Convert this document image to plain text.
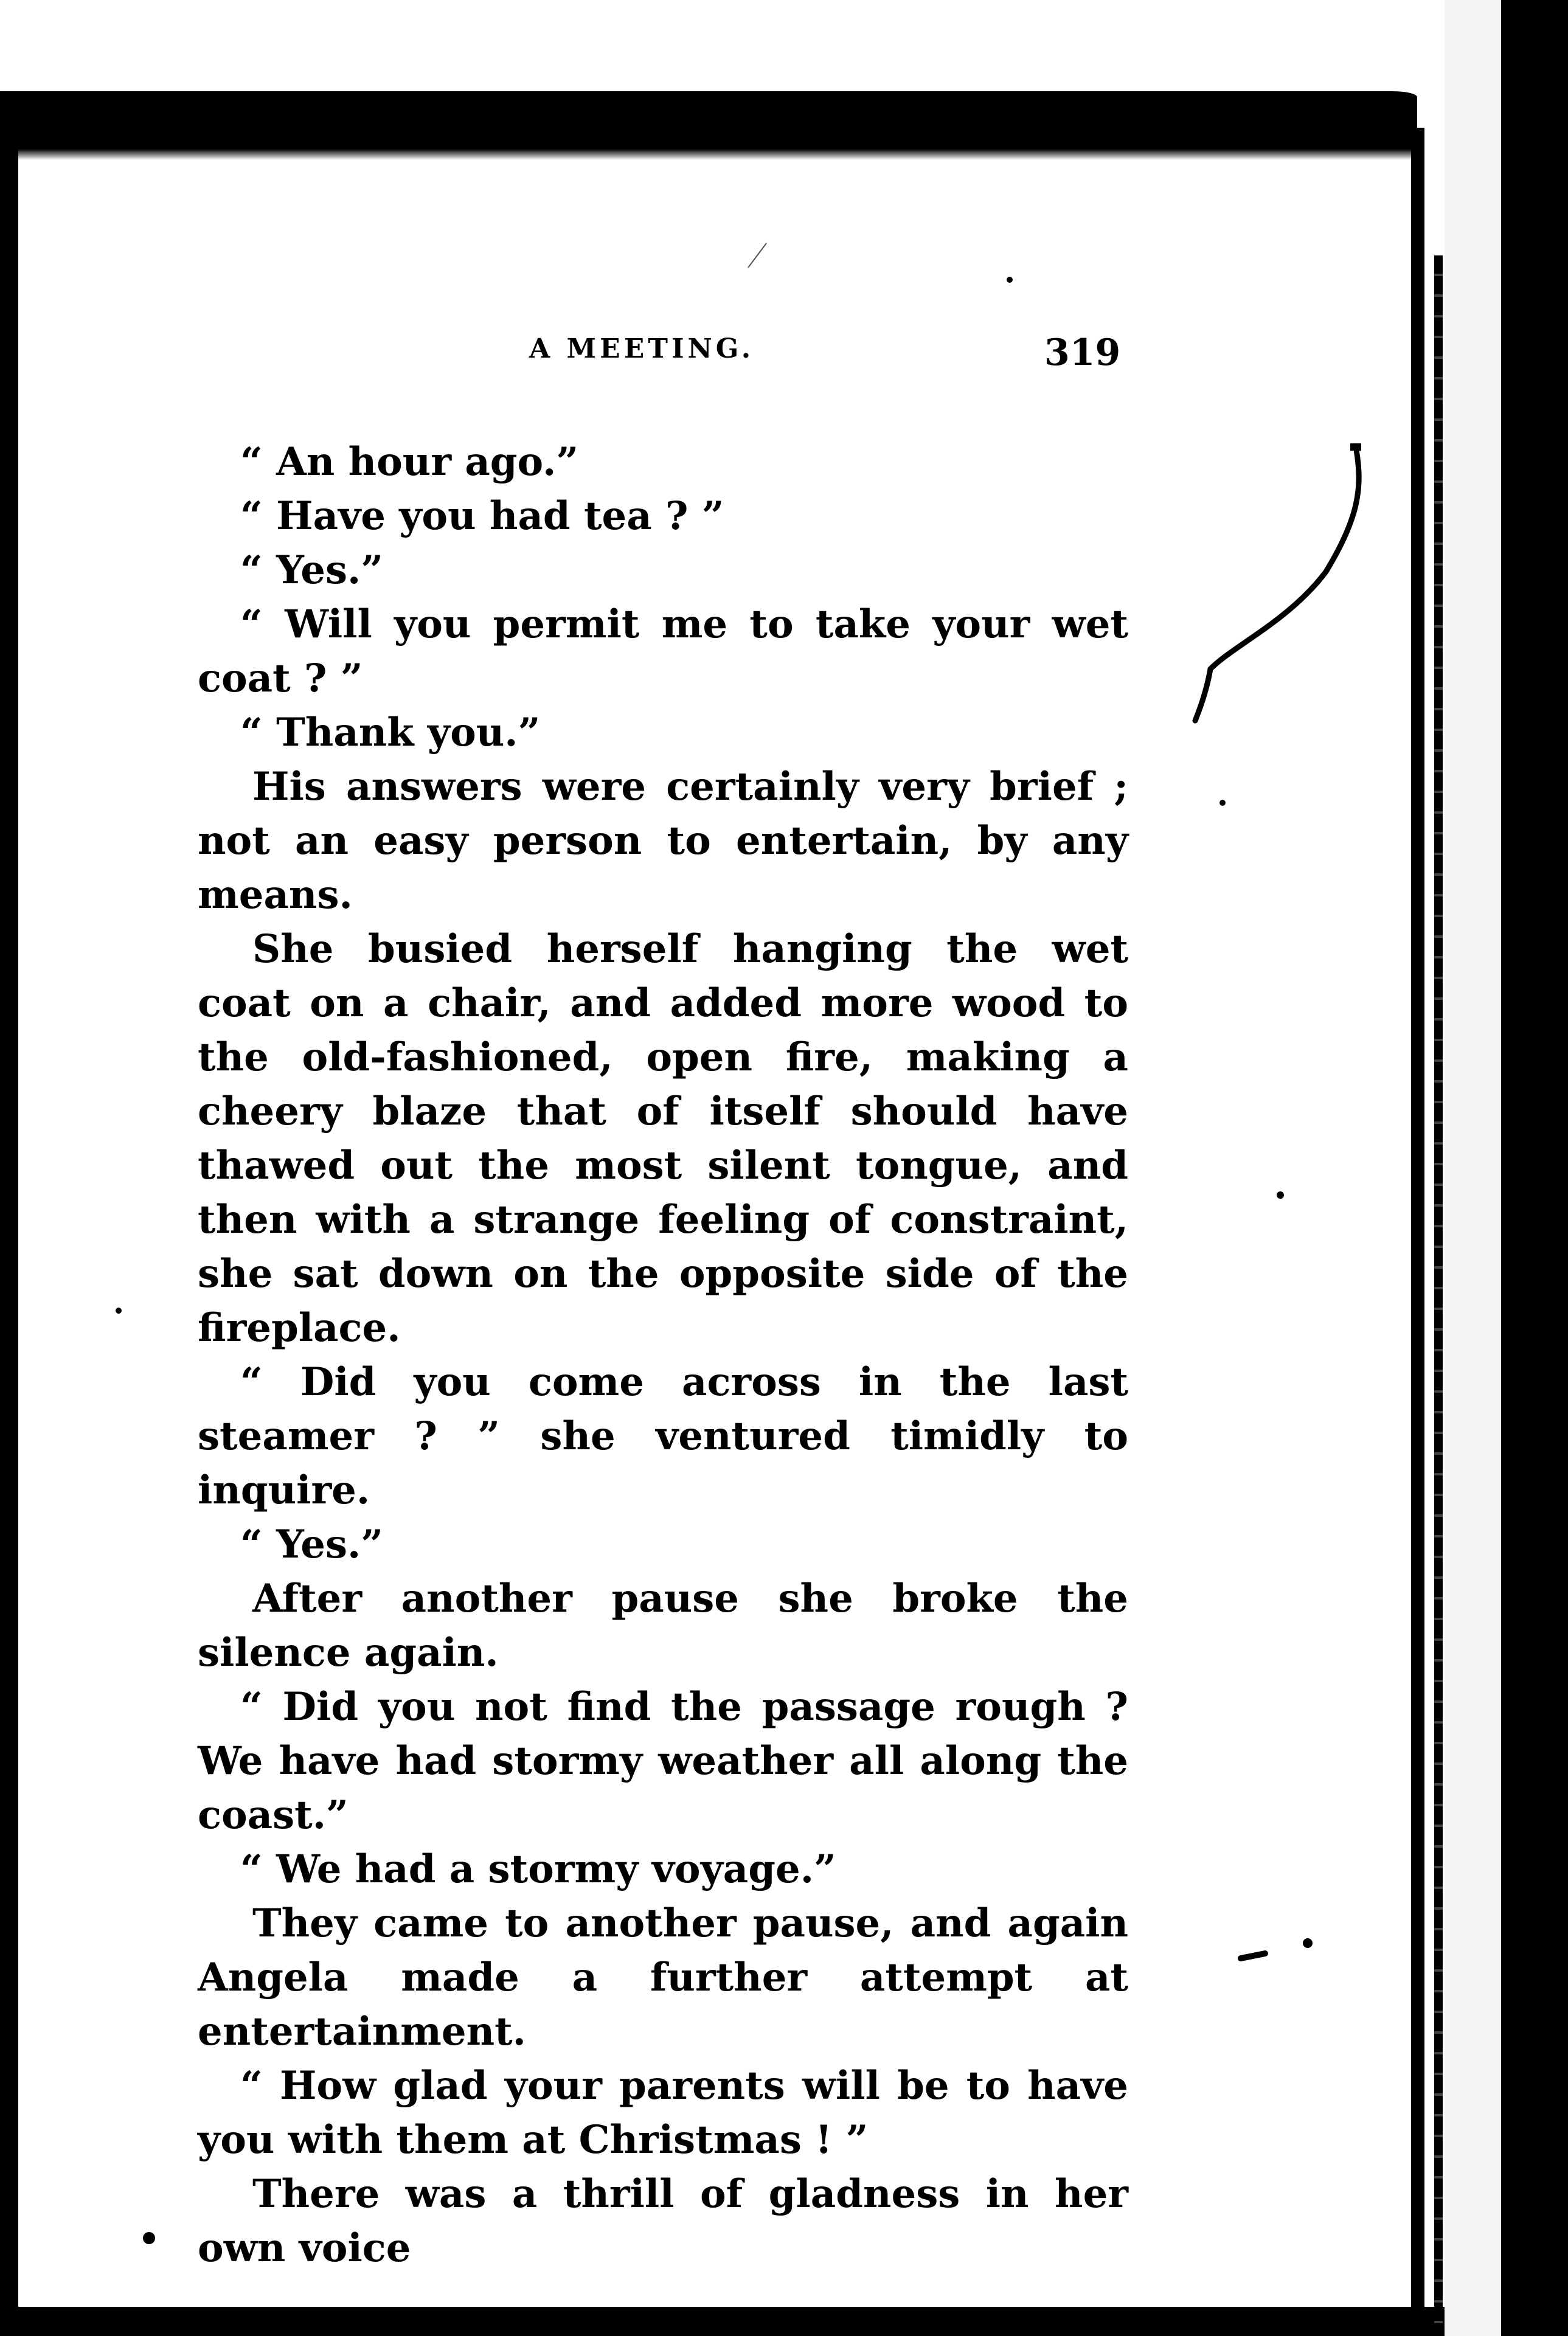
A MEETING.	319

“ An hour ago.”

“ Have you had tea ? ”

“ Yes.”

“ Will you permit me to take your wet coat ? ”

“ Thank you.”

His answers were certainly very brief ; not an easy person to entertain, by any means.

She busied herself hanging the wet coat on a chair, and added more wood to the old-fashioned, open fire, making a cheery blaze that of itself should have thawed out the most silent tongue, and then with a strange feeling of constraint, she sat down on the opposite side of the fireplace.

“ Did you come across in the last steamer ? ” she ventured timidly to inquire.

“ Yes.”

After another pause she broke the silence again.

“ Did you not find the passage rough ? We have had stormy weather all along the coast.”

“ We had a stormy voyage.”

They came to another pause, and again Angela made a further attempt at entertainment.

“ How glad your parents will be to have you with them at Christmas ! ”

There was a thrill of gladness in her own voice
